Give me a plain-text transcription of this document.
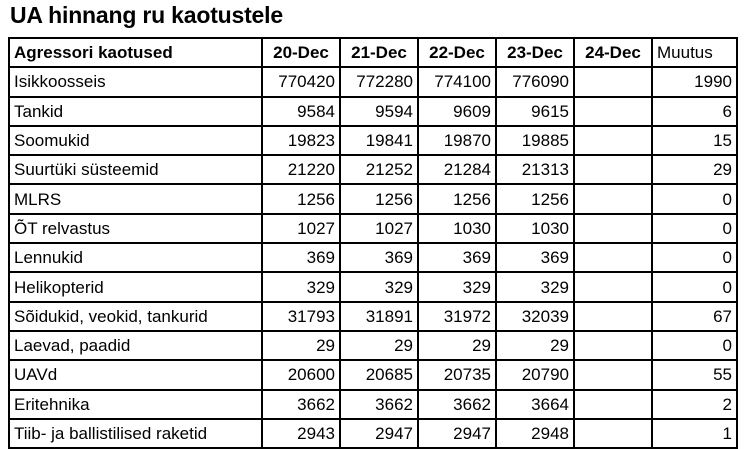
UA hinnang ru kaotustele
Agressori kaotused	20-Dec	21-Dec	22-Dec	23-Dec	24-Dec	Muutus
Isikkoosseis	770420	772280	774100	776090		1990
Tankid	9584	9594	9609	9615		6
Soomukid	19823	19841	19870	19885		15
Suurtüki süsteemid	21220	21252	21284	21313		29
MLRS	1256	1256	1256	1256		0
ÕT relvastus	1027	1027	1030	1030		0
Lennukid	369	369	369	369		0
Helikopterid	329	329	329	329		0
Sõidukid, veokid, tankurid	31793	31891	31972	32039		67
Laevad, paadid	29	29	29	29		0
UAVd	20600	20685	20735	20790		55
Eritehnika	3662	3662	3662	3664		2
Tiib- ja ballistilised raketid	2943	2947	2947	2948		1
